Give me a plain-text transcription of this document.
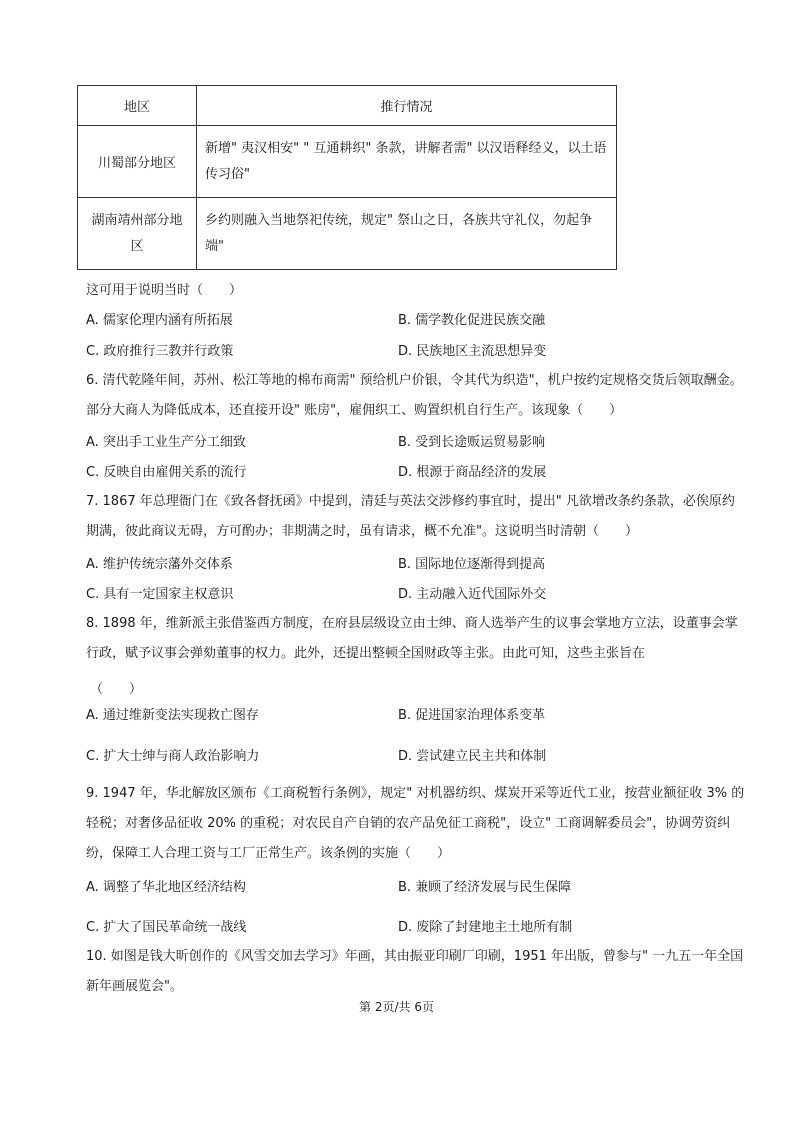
地区	推行情况
川蜀部分地区	新增" 夷汉相安" " 互通耕织" 条款，讲解者需" 以汉语释经义，以土语传习俗"
湖南靖州部分地区	乡约则融入当地祭祀传统，规定" 祭山之日，各族共守礼仪，勿起争端"
这可用于说明当时（　　）
A. 儒家伦理内涵有所拓展	B. 儒学教化促进民族交融
C. 政府推行三教并行政策	D. 民族地区主流思想异变
6. 清代乾隆年间，苏州、松江等地的棉布商需" 预给机户价银，令其代为织造"，机户按约定规格交货后领取酬金。部分大商人为降低成本，还直接开设" 账房"，雇佣织工、购置织机自行生产。该现象（　　）
A. 突出手工业生产分工细致	B. 受到长途贩运贸易影响
C. 反映自由雇佣关系的流行	D. 根源于商品经济的发展
7. 1867 年总理衙门在《致各督抚函》中提到，清廷与英法交涉修约事宜时，提出" 凡欲增改条约条款，必俟原约期满，彼此商议无碍，方可酌办；非期满之时，虽有请求，概不允准"。这说明当时清朝（　　）
A. 维护传统宗藩外交体系	B. 国际地位逐渐得到提高
C. 具有一定国家主权意识	D. 主动融入近代国际外交
8. 1898 年，维新派主张借鉴西方制度，在府县层级设立由士绅、商人选举产生的议事会掌地方立法，设董事会掌行政，赋予议事会弹劾董事的权力。此外，还提出整顿全国财政等主张。由此可知，这些主张旨在
（　　）
A. 通过维新变法实现救亡图存	B. 促进国家治理体系变革
C. 扩大士绅与商人政治影响力	D. 尝试建立民主共和体制
9. 1947 年，华北解放区颁布《工商税暂行条例》，规定" 对机器纺织、煤炭开采等近代工业，按营业额征收 3% 的轻税；对奢侈品征收 20% 的重税；对农民自产自销的农产品免征工商税"，设立" 工商调解委员会"，协调劳资纠纷，保障工人合理工资与工厂正常生产。该条例的实施（　　）
A. 调整了华北地区经济结构	B. 兼顾了经济发展与民生保障
C. 扩大了国民革命统一战线	D. 废除了封建地主土地所有制
10. 如图是钱大昕创作的《风雪交加去学习》年画，其由振亚印刷厂印刷，1951 年出版，曾参与" 一九五一年全国新年画展览会"。
第 2页/共 6页
